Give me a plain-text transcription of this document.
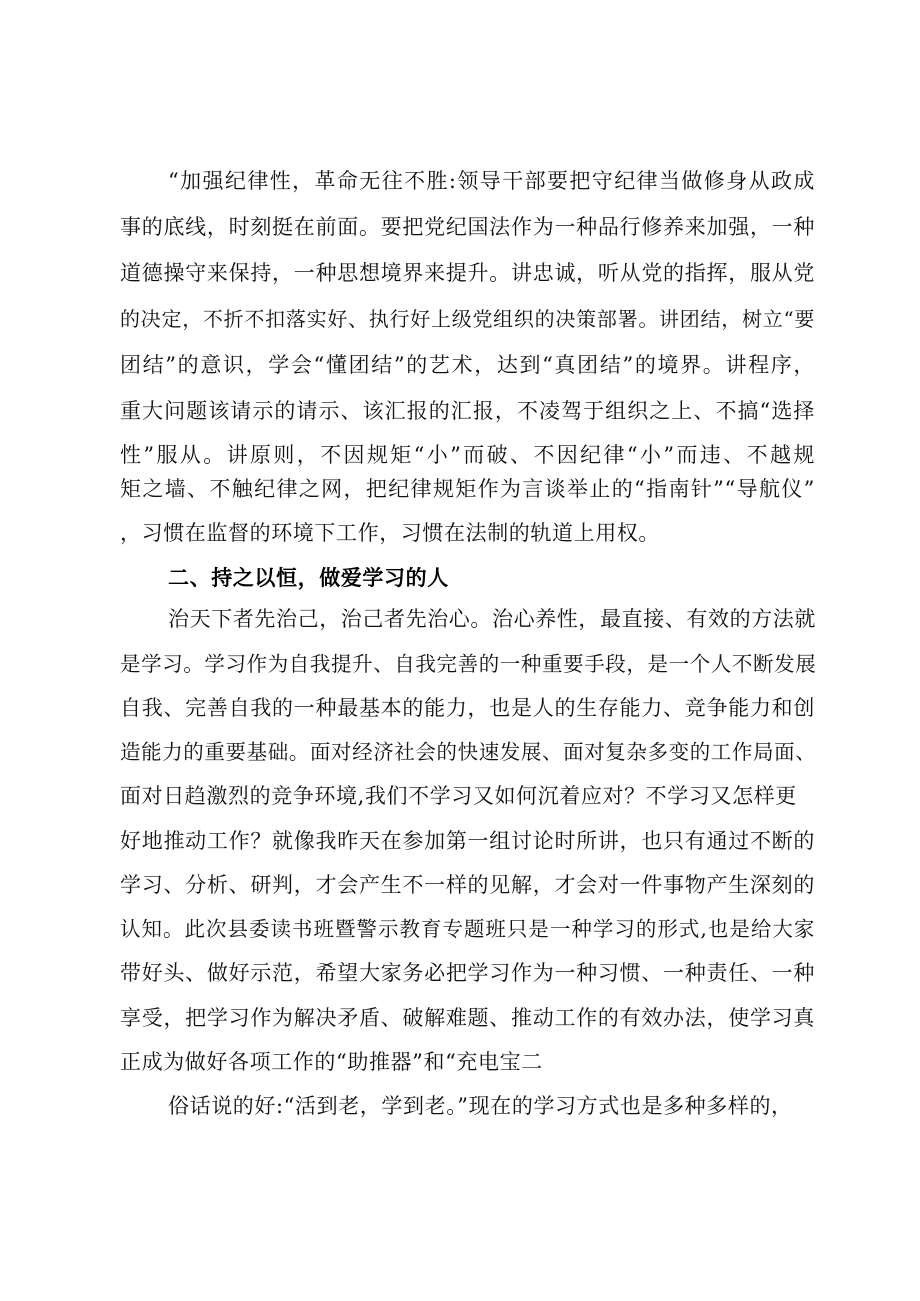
“加强纪律性，革命无往不胜:领导干部要把守纪律当做修身从政成
事的底线，时刻挺在前面。要把党纪国法作为一种品行修养来加强，一种
道德操守来保持，一种思想境界来提升。讲忠诚，听从党的指挥，服从党
的决定，不折不扣落实好、执行好上级党组织的决策部署。讲团结，树立“要
团结”的意识，学会“懂团结”的艺术，达到“真团结”的境界。讲程序，
重大问题该请示的请示、该汇报的汇报，不凌驾于组织之上、不搞“选择
性”服从。讲原则，不因规矩“小”而破、不因纪律“小”而违、不越规
矩之墙、不触纪律之网，把纪律规矩作为言谈举止的“指南针”“导航仪”
，习惯在监督的环境下工作，习惯在法制的轨道上用权。
二、持之以恒，做爱学习的人
治天下者先治己，治己者先治心。治心养性，最直接、有效的方法就
是学习。学习作为自我提升、自我完善的一种重要手段，是一个人不断发展
自我、完善自我的一种最基本的能力，也是人的生存能力、竞争能力和创
造能力的重要基础。面对经济社会的快速发展、面对复杂多变的工作局面、
面对日趋激烈的竞争环境,我们不学习又如何沉着应对？不学习又怎样更
好地推动工作？就像我昨天在参加第一组讨论时所讲，也只有通过不断的
学习、分析、研判，才会产生不一样的见解，才会对一件事物产生深刻的
认知。此次县委读书班暨警示教育专题班只是一种学习的形式,也是给大家
带好头、做好示范，希望大家务必把学习作为一种习惯、一种责任、一种
享受，把学习作为解决矛盾、破解难题、推动工作的有效办法，使学习真
正成为做好各项工作的“助推器”和“充电宝二
俗话说的好:“活到老，学到老。”现在的学习方式也是多种多样的，
